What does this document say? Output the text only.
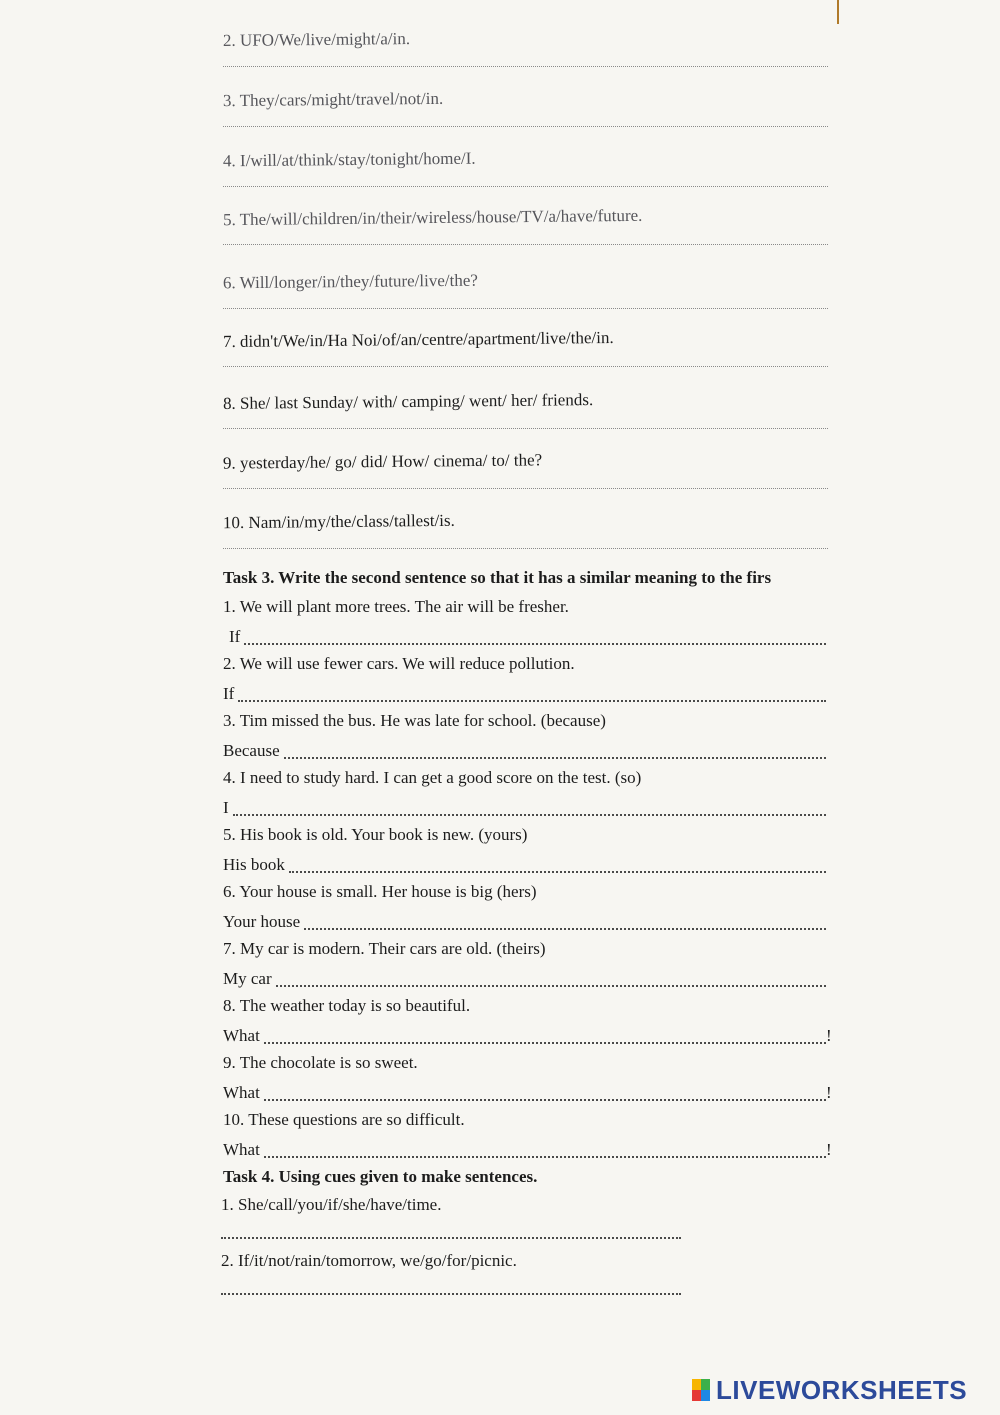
2. UFO/We/live/might/a/in.
3. They/cars/might/travel/not/in.
4. I/will/at/think/stay/tonight/home/I.
5. The/will/children/in/their/wireless/house/TV/a/have/future.
6. Will/longer/in/they/future/live/the?
7. didn't/We/in/Ha Noi/of/an/centre/apartment/live/the/in.
8. She/ last Sunday/ with/ camping/ went/ her/ friends.
9. yesterday/he/ go/ did/ How/ cinema/ to/ the?
10. Nam/in/my/the/class/tallest/is.
Task 3. Write the second sentence so that it has a similar meaning to the firs
1. We will plant more trees. The air will be fresher.
If
2. We will use fewer cars. We will reduce pollution.
If
3. Tim missed the bus. He was late for school. (because)
Because
4. I need to study hard. I can get a good score on the test. (so)
I
5. His book is old. Your book is new. (yours)
His book
6. Your house is small. Her house is big (hers)
Your house
7. My car is modern. Their cars are old. (theirs)
My car
8. The weather today is so beautiful.
What	!
9. The chocolate is so sweet.
What	!
10. These questions are so difficult.
What	!
Task 4. Using cues given to make sentences.
1. She/call/you/if/she/have/time.
2. If/it/not/rain/tomorrow, we/go/for/picnic.
LIVEWORKSHEETS
